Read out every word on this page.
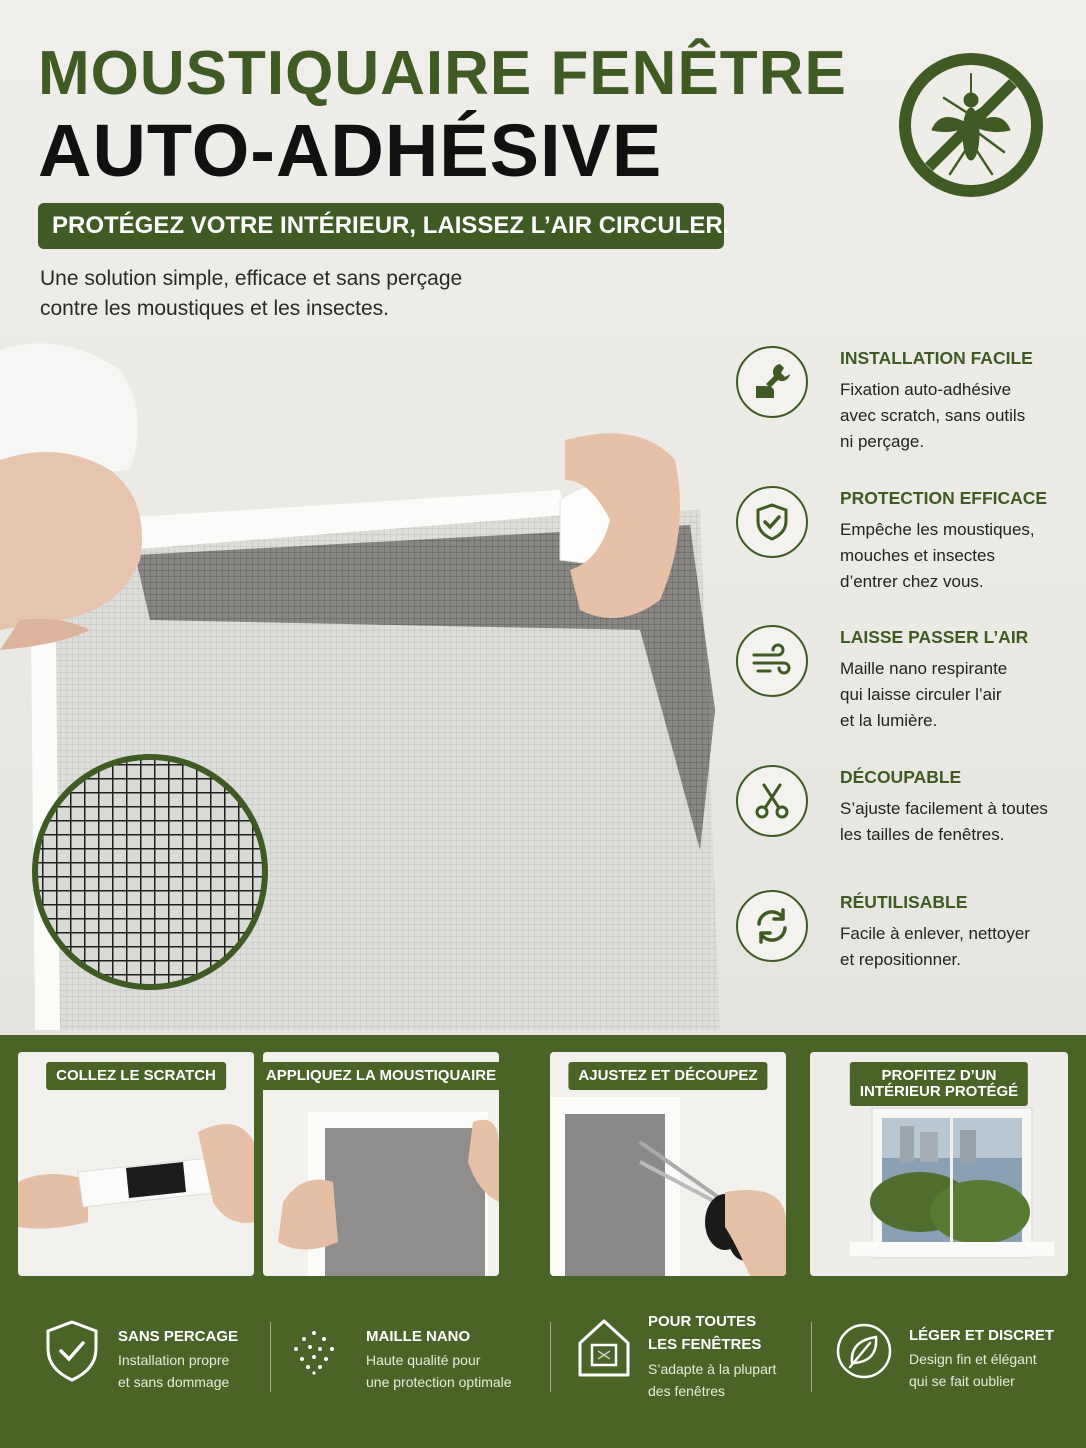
MOUSTIQUAIRE FENÊTRE
AUTO-ADHÉSIVE
PROTÉGEZ VOTRE INTÉRIEUR, LAISSEZ L’AIR CIRCULER.
Une solution simple, efficace et sans perçage
contre les moustiques et les insectes.
INSTALLATION FACILE
Fixation auto-adhésive
avec scratch, sans outils
ni perçage.
PROTECTION EFFICACE
Empêche les moustiques,
mouches et insectes
d’entrer chez vous.
LAISSE PASSER L’AIR
Maille nano respirante
qui laisse circuler l’air
et la lumière.
DÉCOUPABLE
S’ajuste facilement à toutes
les tailles de fenêtres.
RÉUTILISABLE
Facile à enlever, nettoyer
et repositionner.
COLLEZ LE SCRATCH	APPLIQUEZ LA MOUSTIQUAIRE	AJUSTEZ ET DÉCOUPEZ	PROFITEZ D’UN
INTÉRIEUR PROTÉGÉ
SANS PERCAGE
Installation propre
et sans dommage
MAILLE NANO
Haute qualité pour
une protection optimale
POUR TOUTES
LES FENÊTRES
S’adapte à la plupart
des fenêtres
LÉGER ET DISCRET
Design fin et élégant
qui se fait oublier
